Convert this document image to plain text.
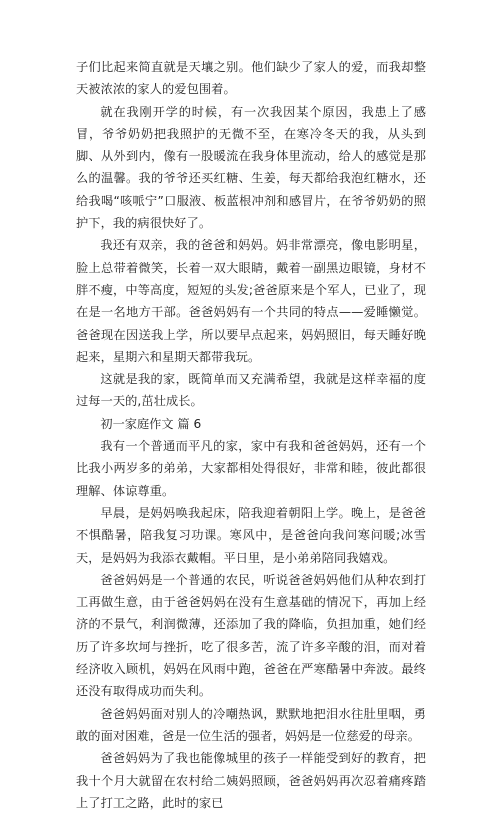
子们比起来简直就是天壤之别。他们缺少了家人的爱，而我却整天被浓浓的家人的爱包围着。

就在我刚开学的时候，有一次我因某个原因，我患上了感冒，爷爷奶奶把我照护的无微不至，在寒冷冬天的我，从头到脚、从外到内，像有一股暖流在我身体里流动，给人的感觉是那么的温馨。我的爷爷还买红糖、生姜，每天都给我泡红糖水，还给我喝“咳哌宁”口服液、板蓝根冲剂和感冒片，在爷爷奶奶的照护下，我的病很快好了。

我还有双亲，我的爸爸和妈妈。妈非常漂亮，像电影明星，脸上总带着微笑，长着一双大眼睛，戴着一副黑边眼镜，身材不胖不瘦，中等高度，短短的头发;爸爸原来是个军人，已业了，现在是一名地方干部。爸爸妈妈有一个共同的特点——爱睡懒觉。爸爸现在因送我上学，所以要早点起来，妈妈照旧，每天睡好晚起来，星期六和星期天都带我玩。

这就是我的家，既简单而又充满希望，我就是这样幸福的度过每一天的,茁壮成长。

初一家庭作文 篇 6

我有一个普通而平凡的家，家中有我和爸爸妈妈，还有一个比我小两岁多的弟弟，大家都相处得很好，非常和睦，彼此都很理解、体谅尊重。

早晨，是妈妈唤我起床，陪我迎着朝阳上学。晚上，是爸爸不惧酷暑，陪我复习功课。寒风中，是爸爸向我问寒问暖;冰雪天，是妈妈为我添衣戴帽。平日里，是小弟弟陪同我嬉戏。

爸爸妈妈是一个普通的农民，听说爸爸妈妈他们从种农到打工再做生意，由于爸爸妈妈在没有生意基础的情况下，再加上经济的不景气，利润微薄，还添加了我的降临，负担加重，她们经历了许多坎坷与挫折，吃了很多苦，流了许多辛酸的泪，而对着经济收入顾机，妈妈在风雨中跑，爸爸在严寒酷暑中奔波。最终还没有取得成功而失利。

爸爸妈妈面对别人的冷嘲热讽，默默地把泪水往肚里咽，勇敢的面对困难，爸是一位生活的强者，妈妈是一位慈爱的母亲。

爸爸妈妈为了我也能像城里的孩子一样能受到好的教育，把我十个月大就留在农村给二姨妈照顾，爸爸妈妈再次忍着痛疼踏上了打工之路，此时的家已
